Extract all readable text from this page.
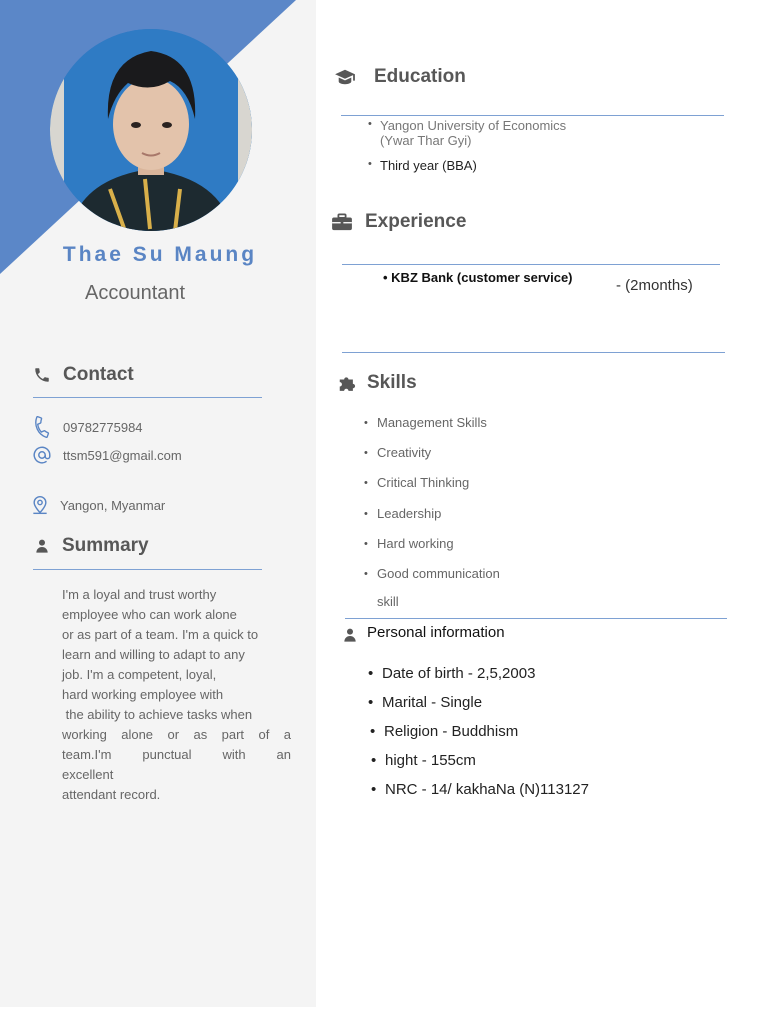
Thae Su Maung
Accountant
Contact
09782775984
ttsm591@gmail.com
Yangon, Myanmar
Summary

I'm a loyal and trust worthy

employee who can work alone

or as part of a team. I'm a quick to

learn and willing to adapt to any

job. I'm a competent, loyal,

hard working employee with

the ability to achieve tasks when

working alone or as part of a

team.I'm punctual with an

excellent

attendant record.

Education
• Yangon University of Economics
(Ywar Thar Gyi)
• Third year (BBA)
Experience
• KBZ Bank (customer service)	- (2months)
Skills
• Management Skills
• Creativity
• Critical Thinking
• Leadership
• Hard working
• Good communication
skill
Personal information
• Date of birth - 2,5,2003
• Marital - Single
• Religion - Buddhism
• hight - 155cm
• NRC - 14/ kakhaNa (N)113127
